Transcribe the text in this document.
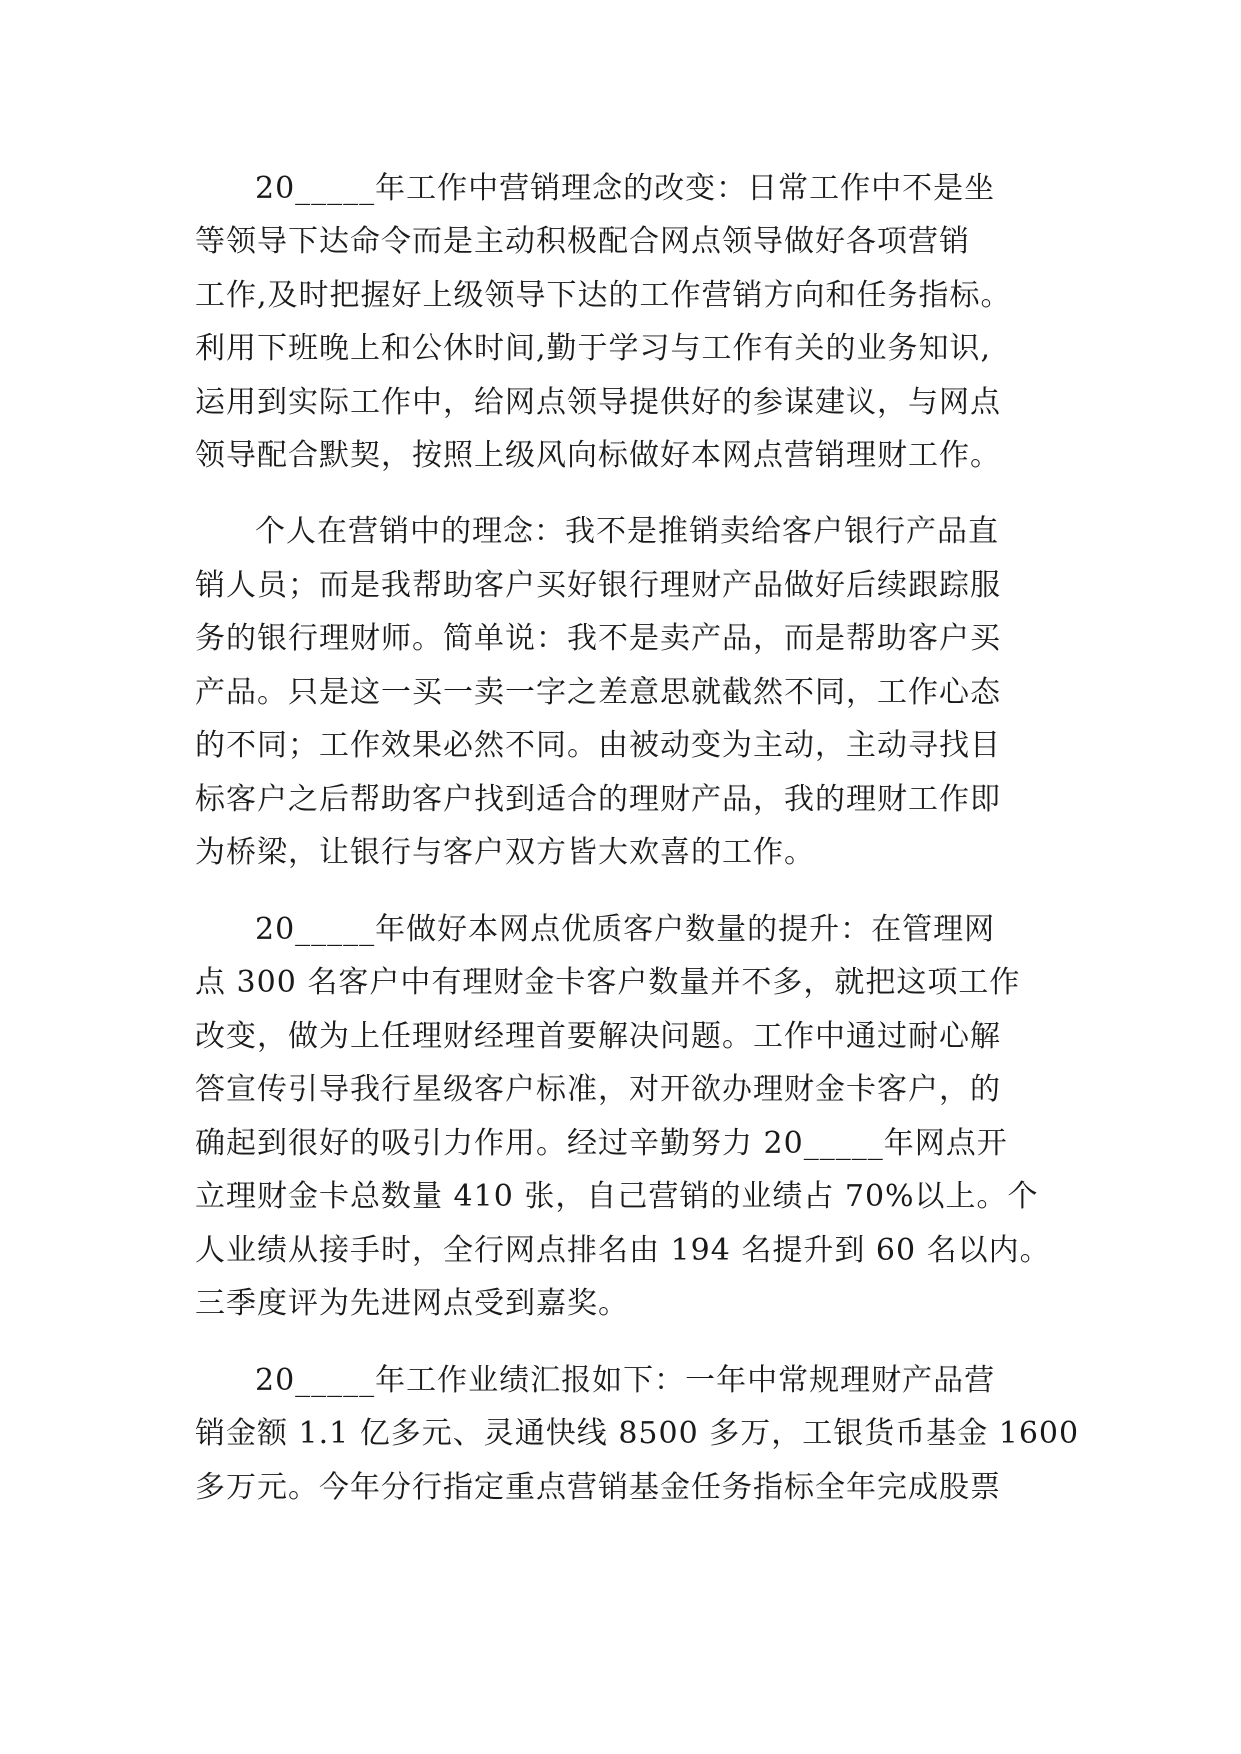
20_____年工作中营销理念的改变：日常工作中不是坐
等领导下达命令而是主动积极配合网点领导做好各项营销
工作,及时把握好上级领导下达的工作营销方向和任务指标。
利用下班晚上和公休时间,勤于学习与工作有关的业务知识,
运用到实际工作中，给网点领导提供好的参谋建议，与网点
领导配合默契，按照上级风向标做好本网点营销理财工作。
个人在营销中的理念：我不是推销卖给客户银行产品直
销人员；而是我帮助客户买好银行理财产品做好后续跟踪服
务的银行理财师。简单说：我不是卖产品，而是帮助客户买
产品。只是这一买一卖一字之差意思就截然不同，工作心态
的不同；工作效果必然不同。由被动变为主动，主动寻找目
标客户之后帮助客户找到适合的理财产品，我的理财工作即
为桥梁，让银行与客户双方皆大欢喜的工作。
20_____年做好本网点优质客户数量的提升：在管理网
点 300 名客户中有理财金卡客户数量并不多，就把这项工作
改变，做为上任理财经理首要解决问题。工作中通过耐心解
答宣传引导我行星级客户标准，对开欲办理财金卡客户，的
确起到很好的吸引力作用。经过辛勤努力 20_____年网点开
立理财金卡总数量 410 张，自己营销的业绩占 70%以上。个
人业绩从接手时，全行网点排名由 194 名提升到 60 名以内。
三季度评为先进网点受到嘉奖。
20_____年工作业绩汇报如下：一年中常规理财产品营
销金额 1.1 亿多元、灵通快线 8500 多万，工银货币基金 1600
多万元。今年分行指定重点营销基金任务指标全年完成股票
